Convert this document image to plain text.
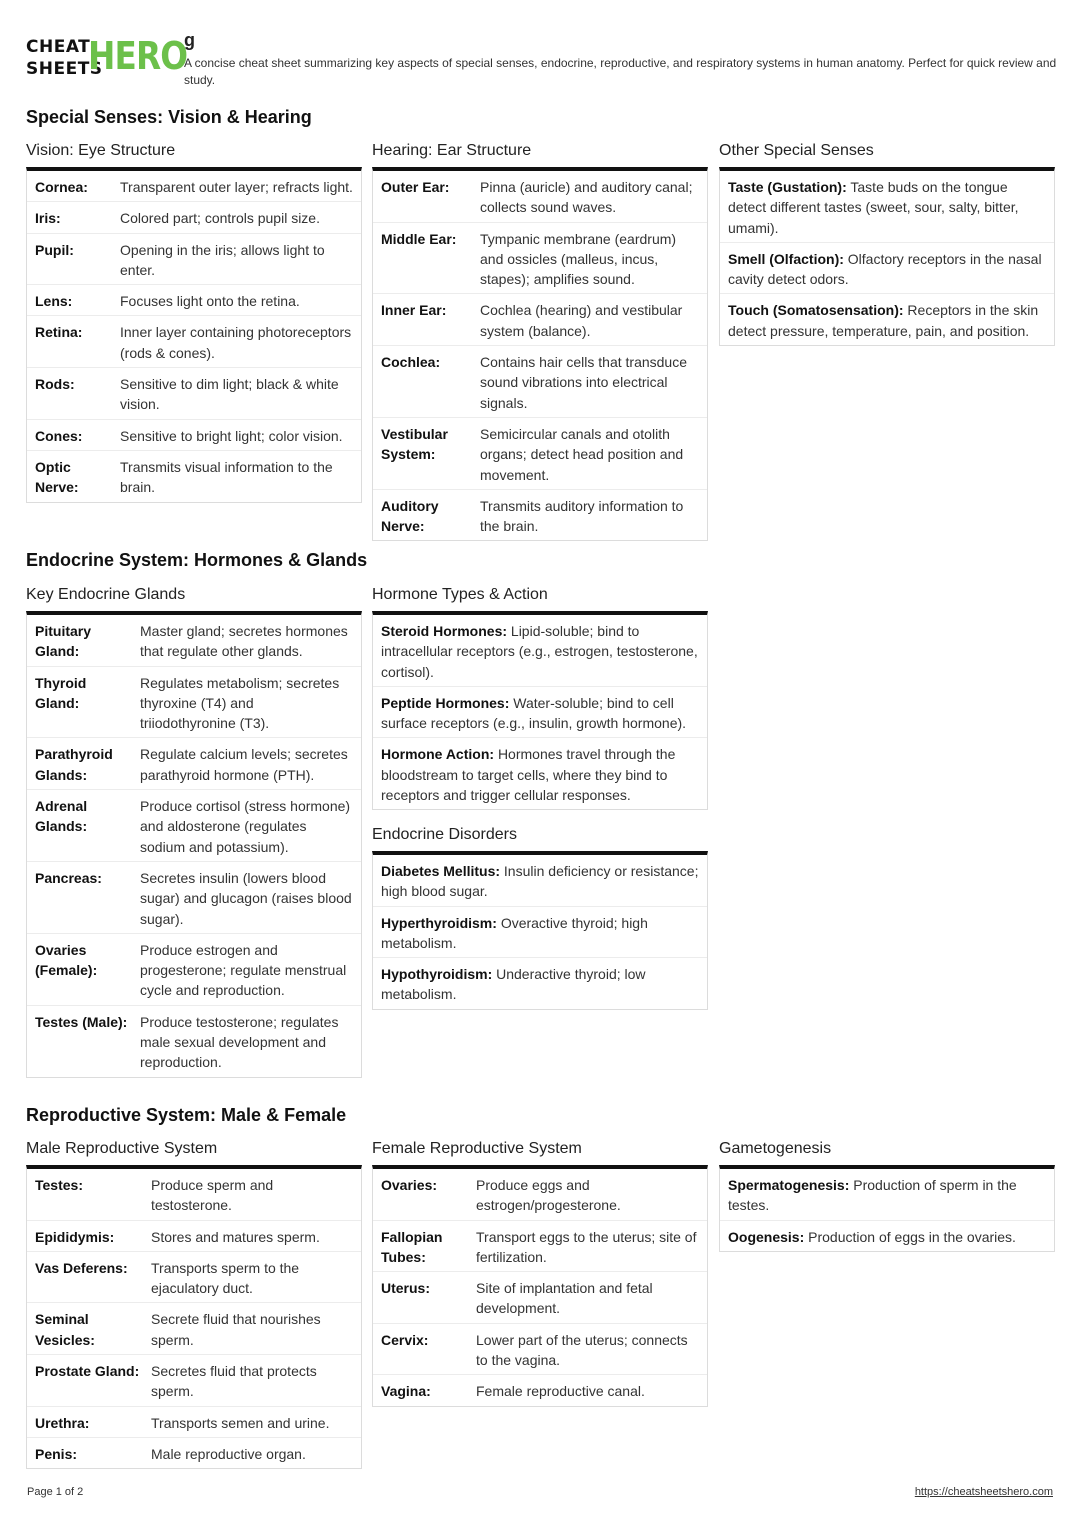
CHEAT
SHEETS
HERO
g
A concise cheat sheet summarizing key aspects of special senses, endocrine, reproductive, and respiratory systems in human anatomy. Perfect for quick review and study.
Special Senses: Vision & Hearing
Vision: Eye Structure
Cornea:	Transparent outer layer; refracts light.
Iris:	Colored part; controls pupil size.
Pupil:	Opening in the iris; allows light to enter.
Lens:	Focuses light onto the retina.
Retina:	Inner layer containing photoreceptors (rods & cones).
Rods:	Sensitive to dim light; black & white vision.
Cones:	Sensitive to bright light; color vision.
Optic Nerve:
Transmits visual information to the brain.
Hearing: Ear Structure
Outer Ear:	Pinna (auricle) and auditory canal; collects sound waves.
Middle Ear:	Tympanic membrane (eardrum) and ossicles (malleus, incus, stapes); amplifies sound.
Inner Ear:	Cochlea (hearing) and vestibular system (balance).
Cochlea:	Contains hair cells that transduce sound vibrations into electrical signals.
Vestibular System:
Semicircular canals and otolith organs; detect head position and movement.
Auditory Nerve:
Transmits auditory information to the brain.
Other Special Senses
Taste (Gustation): Taste buds on the tongue detect different tastes (sweet, sour, salty, bitter, umami).
Smell (Olfaction): Olfactory receptors in the nasal cavity detect odors.
Touch (Somatosensation): Receptors in the skin detect pressure, temperature, pain, and position.
Endocrine System: Hormones & Glands
Key Endocrine Glands
Pituitary Gland:
Master gland; secretes hormones that regulate other glands.
Thyroid Gland:
Regulates metabolism; secretes thyroxine (T4) and triiodothyronine (T3).
Parathyroid Glands:
Regulate calcium levels; secretes parathyroid hormone (PTH).
Adrenal Glands:
Produce cortisol (stress hormone) and aldosterone (regulates sodium and potassium).
Pancreas:	Secretes insulin (lowers blood sugar) and glucagon (raises blood sugar).
Ovaries (Female):
Produce estrogen and progesterone; regulate menstrual cycle and reproduction.
Testes (Male): Produce testosterone; regulates male sexual development and reproduction.
Hormone Types & Action
Steroid Hormones: Lipid-soluble; bind to intracellular receptors (e.g., estrogen, testosterone, cortisol).
Peptide Hormones: Water-soluble; bind to cell surface receptors (e.g., insulin, growth hormone).
Hormone Action: Hormones travel through the bloodstream to target cells, where they bind to receptors and trigger cellular responses.
Endocrine Disorders
Diabetes Mellitus: Insulin deficiency or resistance; high blood sugar.
Hyperthyroidism: Overactive thyroid; high metabolism.
Hypothyroidism: Underactive thyroid; low metabolism.
Reproductive System: Male & Female
Male Reproductive System
Testes:	Produce sperm and testosterone.
Epididymis:	Stores and matures sperm.
Vas Deferens:	Transports sperm to the ejaculatory duct.
Seminal Vesicles:
Secrete fluid that nourishes sperm.
Prostate Gland: Secretes fluid that protects sperm.
Urethra:	Transports semen and urine.
Penis:	Male reproductive organ.
Female Reproductive System
Ovaries:	Produce eggs and estrogen/progesterone.
Fallopian Tubes:
Transport eggs to the uterus; site of fertilization.
Uterus:	Site of implantation and fetal development.
Cervix:	Lower part of the uterus; connects to the vagina.
Vagina:	Female reproductive canal.
Gametogenesis
Spermatogenesis: Production of sperm in the testes.
Oogenesis: Production of eggs in the ovaries.
Page 1 of 2	https://cheatsheetshero.com
